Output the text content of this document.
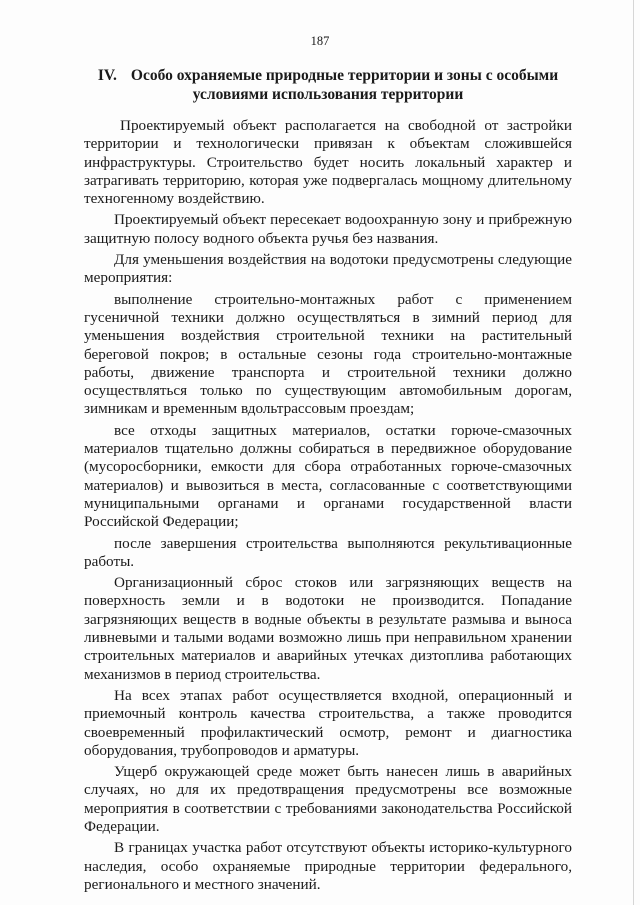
187
IV. Особо охраняемые природные территории и зоны с особыми условиями использования территории

Проектируемый объект располагается на свободной от застройки территории и технологически привязан к объектам сложившейся инфраструктуры. Строительство будет носить локальный характер и затрагивать территорию, которая уже подвергалась мощному длительному техногенному воздействию.

Проектируемый объект пересекает водоохранную зону и прибрежную защитную полосу водного объекта ручья без названия.

Для уменьшения воздействия на водотоки предусмотрены следующие мероприятия:

выполнение строительно-монтажных работ с применением гусеничной техники должно осуществляться в зимний период для уменьшения воздействия строительной техники на растительный береговой покров; в остальные сезоны года строительно-монтажные работы, движение транспорта и строительной техники должно осуществляться только по существующим автомобильным дорогам, зимникам и временным вдольтрассовым проездам;

все отходы защитных материалов, остатки горюче-смазочных материалов тщательно должны собираться в передвижное оборудование (мусоросборники, емкости для сбора отработанных горюче-смазочных материалов) и вывозиться в места, согласованные с соответствующими муниципальными органами и органами государственной власти Российской Федерации;

после завершения строительства выполняются рекультивационные работы.

Организационный сброс стоков или загрязняющих веществ на поверхность земли и в водотоки не производится. Попадание загрязняющих веществ в водные объекты в результате размыва и выноса ливневыми и талыми водами возможно лишь при неправильном хранении строительных материалов и аварийных утечках дизтоплива работающих механизмов в период строительства.

На всех этапах работ осуществляется входной, операционный и приемочный контроль качества строительства, а также проводится своевременный профилактический осмотр, ремонт и диагностика оборудования, трубопроводов и арматуры.

Ущерб окружающей среде может быть нанесен лишь в аварийных случаях, но для их предотвращения предусмотрены все возможные мероприятия в соответствии с требованиями законодательства Российской Федерации.

В границах участка работ отсутствуют объекты историко-культурного наследия, особо охраняемые природные территории федерального, регионального и местного значений.
